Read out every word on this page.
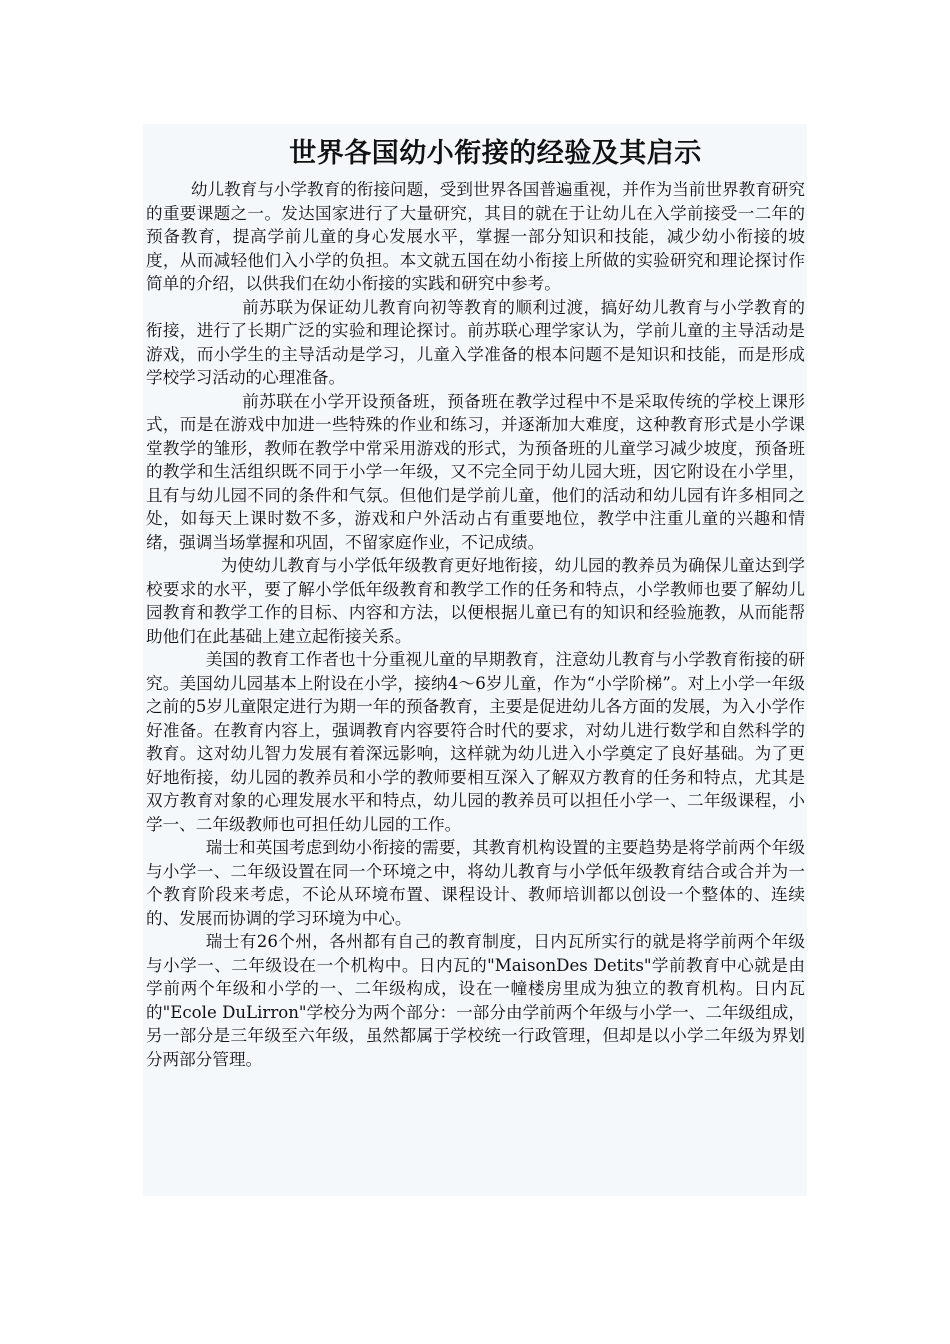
世界各国幼小衔接的经验及其启示

幼儿教育与小学教育的衔接问题，受到世界各国普遍重视，并作为当前世界教育研究的重要课题之一。发达国家进行了大量研究，其目的就在于让幼儿在入学前接受一二年的预备教育，提高学前儿童的身心发展水平，掌握一部分知识和技能，减少幼小衔接的坡度，从而减轻他们入小学的负担。本文就五国在幼小衔接上所做的实验研究和理论探讨作简单的介绍，以供我们在幼小衔接的实践和研究中参考。

前苏联为保证幼儿教育向初等教育的顺利过渡，搞好幼儿教育与小学教育的衔接，进行了长期广泛的实验和理论探讨。前苏联心理学家认为，学前儿童的主导活动是游戏，而小学生的主导活动是学习，儿童入学准备的根本问题不是知识和技能，而是形成学校学习活动的心理准备。

前苏联在小学开设预备班，预备班在教学过程中不是采取传统的学校上课形式，而是在游戏中加进一些特殊的作业和练习，并逐渐加大难度，这种教育形式是小学课堂教学的雏形，教师在教学中常采用游戏的形式，为预备班的儿童学习减少坡度，预备班的教学和生活组织既不同于小学一年级，又不完全同于幼儿园大班，因它附设在小学里，且有与幼儿园不同的条件和气氛。但他们是学前儿童，他们的活动和幼儿园有许多相同之处，如每天上课时数不多，游戏和户外活动占有重要地位，教学中注重儿童的兴趣和情绪，强调当场掌握和巩固，不留家庭作业，不记成绩。

为使幼儿教育与小学低年级教育更好地衔接，幼儿园的教养员为确保儿童达到学校要求的水平，要了解小学低年级教育和教学工作的任务和特点，小学教师也要了解幼儿园教育和教学工作的目标、内容和方法，以便根据儿童已有的知识和经验施教，从而能帮助他们在此基础上建立起衔接关系。

美国的教育工作者也十分重视儿童的早期教育，注意幼儿教育与小学教育衔接的研究。美国幼儿园基本上附设在小学，接纳4～6岁儿童，作为“小学阶梯”。对上小学一年级之前的5岁儿童限定进行为期一年的预备教育，主要是促进幼儿各方面的发展，为入小学作好准备。在教育内容上，强调教育内容要符合时代的要求，对幼儿进行数学和自然科学的教育。这对幼儿智力发展有着深远影响，这样就为幼儿进入小学奠定了良好基础。为了更好地衔接，幼儿园的教养员和小学的教师要相互深入了解双方教育的任务和特点，尤其是双方教育对象的心理发展水平和特点，幼儿园的教养员可以担任小学一、二年级课程，小学一、二年级教师也可担任幼儿园的工作。

瑞士和英国考虑到幼小衔接的需要，其教育机构设置的主要趋势是将学前两个年级与小学一、二年级设置在同一个环境之中，将幼儿教育与小学低年级教育结合或合并为一个教育阶段来考虑，不论从环境布置、课程设计、教师培训都以创设一个整体的、连续的、发展而协调的学习环境为中心。

瑞士有26个州，各州都有自己的教育制度，日内瓦所实行的就是将学前两个年级与小学一、二年级设在一个机构中。日内瓦的"MaisonDes Detits"学前教育中心就是由学前两个年级和小学的一、二年级构成，设在一幢楼房里成为独立的教育机构。日内瓦的"Ecole DuLirron"学校分为两个部分：一部分由学前两个年级与小学一、二年级组成，另一部分是三年级至六年级，虽然都属于学校统一行政管理，但却是以小学二年级为界划分两部分管理。
